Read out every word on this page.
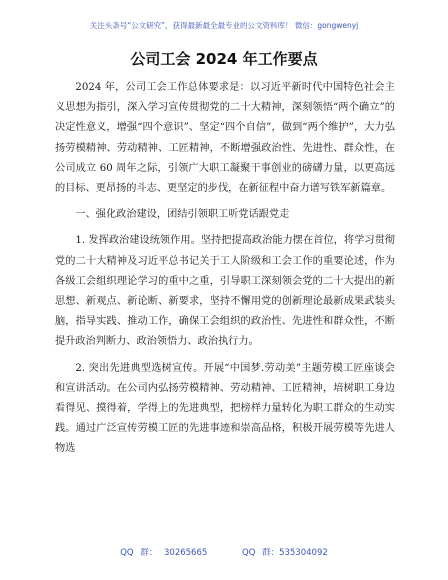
关注头条号“公文研究”，获得最新最全最专业的公文资料库！ 微信：gongwenyj
公司工会 2024 年工作要点

2024 年，公司工会工作总体要求是：以习近平新时代中国特色社会主义思想为指引，深入学习宣传贯彻党的二十大精神，深刻领悟“两个确立”的决定性意义，增强“四个意识”、坚定“四个自信”，做到“两个维护”，大力弘扬劳模精神、劳动精神、工匠精神，不断增强政治性、先进性、群众性，在公司成立 60 周年之际，引领广大职工凝聚干事创业的磅礴力量，以更高远的目标、更昂扬的斗志、更坚定的步伐，在新征程中奋力谱写铁军新篇章。

一、强化政治建设，团结引领职工听党话跟党走

1. 发挥政治建设统领作用。坚持把提高政治能力摆在首位，将学习贯彻党的二十大精神及习近平总书记关于工人阶级和工会工作的重要论述，作为各级工会组织理论学习的重中之重，引导职工深刻领会党的二十大提出的新思想、新观点、新论断、新要求，坚持不懈用党的创新理论最新成果武装头脑，指导实践、推动工作，确保工会组织的政治性、先进性和群众性，不断提升政治判断力、政治领悟力、政治执行力。

2. 突出先进典型选树宣传。开展“中国梦.劳动美”主题劳模工匠座谈会和宣讲活动。在公司内弘扬劳模精神、劳动精神、工匠精神，培树职工身边看得见、摸得着，学得上的先进典型，把榜样力量转化为职工群众的生动实践。通过广泛宣传劳模工匠的先进事迹和崇高品格，积极开展劳模等先进人物选

QQ 群： 30265665	QQ 群：535304092
